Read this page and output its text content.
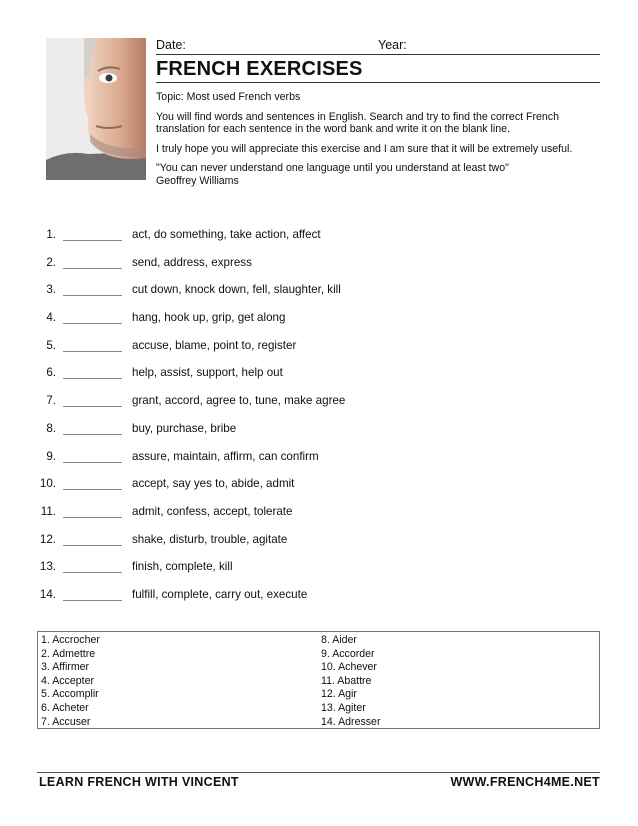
Date:	Year:
FRENCH EXERCISES

Topic: Most used French verbs

You will find words and sentences in English. Search and try to find the correct French translation for each sentence in the word bank and write it on the blank line.

I truly hope you will appreciate this exercise and I am sure that it will be extremely useful.

"You can never understand one language until you understand at least two"

Geoffrey Williams

1.	act, do something, take action, affect
2.	send, address, express
3.	cut down, knock down, fell, slaughter, kill
4.	hang, hook up, grip, get along
5.	accuse, blame, point to, register
6.	help, assist, support, help out
7.	grant, accord, agree to, tune, make agree
8.	buy, purchase, bribe
9.	assure, maintain, affirm, can confirm
10.	accept, say yes to, abide, admit
11.	admit, confess, accept, tolerate
12.	shake, disturb, trouble, agitate
13.	finish, complete, kill
14.	fulfill, complete, carry out, execute
1. Accrocher
2. Admettre
3. Affirmer
4. Accepter
5. Accomplir
6. Acheter
7. Accuser
8. Aider
9. Accorder
10. Achever
11. Abattre
12. Agir
13. Agiter
14. Adresser
LEARN FRENCH WITH VINCENT	WWW.FRENCH4ME.NET
